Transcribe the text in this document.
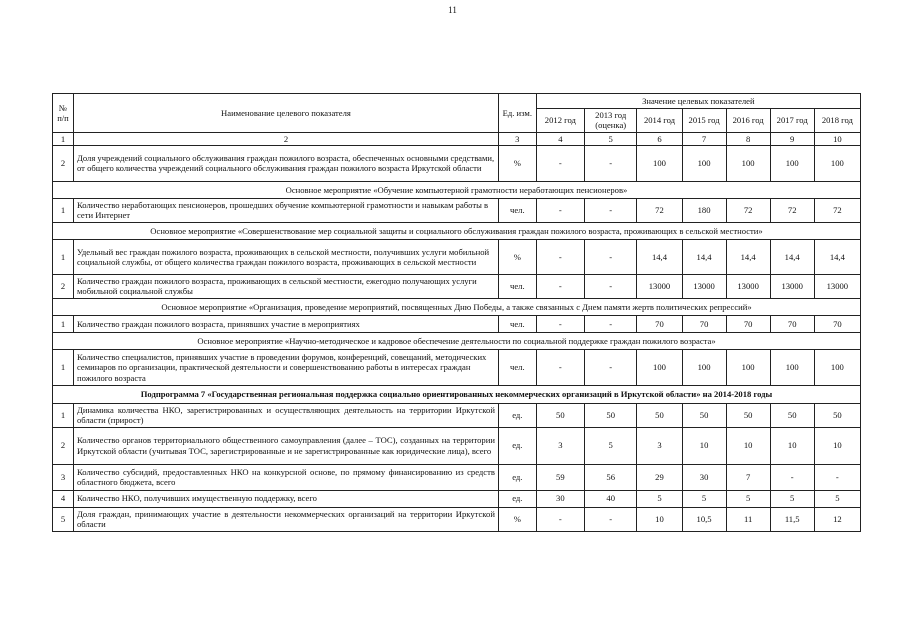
11
№ п/п	Наименование целевого показателя	Ед. изм.	Значение целевых показателей						
			2012 год	2013 год (оценка)	2014 год	2015 год	2016 год	2017 год	2018 год
1	2	3	4	5	6	7	8	9	10
2	Доля учреждений социального обслуживания граждан пожилого возраста, обеспеченных основными средствами, от общего количества учреждений социального обслуживания граждан пожилого возраста Иркутской области	%	-	-	100	100	100	100	100
Основное мероприятие «Обучение компьютерной грамотности неработающих пенсионеров»									
1	Количество неработающих пенсионеров, прошедших обучение компьютерной грамотности и навыкам работы в сети Интернет	чел.	-	-	72	180	72	72	72
Основное мероприятие «Совершенствование мер социальной защиты и социального обслуживания граждан пожилого возраста, проживающих в сельской местности»									
1	Удельный вес граждан пожилого возраста, проживающих в сельской местности, получивших услуги мобильной социальной службы, от общего количества граждан пожилого возраста, проживающих в сельской местности	%	-	-	14,4	14,4	14,4	14,4	14,4
2	Количество граждан пожилого возраста, проживающих в сельской местности, ежегодно получающих услуги мобильной социальной службы	чел.	-	-	13000	13000	13000	13000	13000
Основное мероприятие «Организация, проведение мероприятий, посвященных Дню Победы, а также связанных с Днем памяти жертв политических репрессий»									
1	Количество граждан пожилого возраста, принявших участие в мероприятиях	чел.	-	-	70	70	70	70	70
Основное мероприятие «Научно-методическое и кадровое обеспечение деятельности по социальной поддержке граждан пожилого возраста»									
1	Количество специалистов, принявших участие в проведении форумов, конференций, совещаний, методических семинаров по организации, практической деятельности и совершенствованию работы в интересах граждан пожилого возраста	чел.	-	-	100	100	100	100	100
Подпрограмма 7 «Государственная региональная поддержка социально ориентированных некоммерческих организаций в Иркутской области» на 2014-2018 годы									
1	Динамика количества НКО, зарегистрированных и осуществляющих деятельность на территории Иркутской области (прирост)	ед.	50	50	50	50	50	50	50
2	Количество органов территориального общественного самоуправления (далее – ТОС), созданных на территории Иркутской области (учитывая ТОС, зарегистрированные и не зарегистрированные как юридические лица), всего	ед.	3	5	3	10	10	10	10
3	Количество субсидий, предоставленных НКО на конкурсной основе, по прямому финансированию из средств областного бюджета, всего	ед.	59	56	29	30	7	-	-
4	Количество НКО, получивших имущественную поддержку, всего	ед.	30	40	5	5	5	5	5
5	Доля граждан, принимающих участие в деятельности некоммерческих организаций на территории Иркутской области	%	-	-	10	10,5	11	11,5	12
